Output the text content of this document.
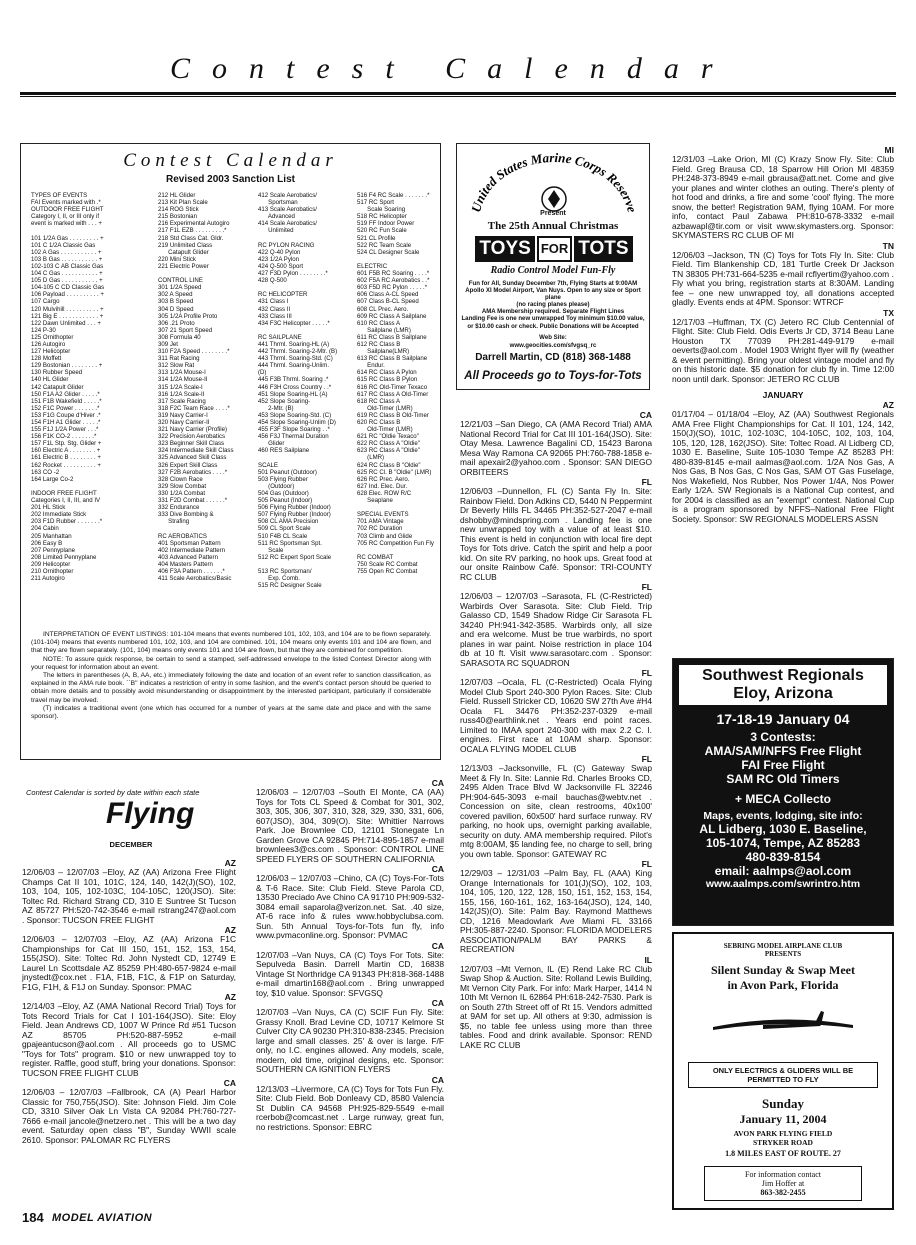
Contest Calendar
Contest Calendar
Revised 2003 Sanction List
TYPES OF EVENTS
FAI Events marked with .*
OUTDOOR FREE FLIGHT
Category I, II, or III only if
event is marked with . . . +

101 1/2A Gas . . . . . . . . . +
101 C 1/2A Classic Gas
102 A Gas . . . . . . . . . . . +
103 B Gas . . . . . . . . . . . +
102-103 C AB Classic Gas
104 C Gas . . . . . . . . . . . +
105 D Gas . . . . . . . . . . . +
104-105 C CD Classic Gas
106 Payload . . . . . . . . . . +
107 Cargo
120 Mulvihill . . . . . . . . . . +
121 Big E . . . . . . . . . . . . +
122 Dawn Unlimited . . . +
124 P-30
125 Ornithopter
126 Autogiro
127 Helicopter
128 Moffett
129 Bostonian . . . . . . . . +
130 Rubber Speed
140 HL Glider
142 Catapult Glider
150 F1A A2 Glider . . . . .*
151 F1B Wakefield . . . . .*
152 F1C Power . . . . . . .*
153 F1G Coupe d'Hiver .*
154 F1H A1 Glider . . . . .*
155 F1J 1/2A Power . . .*
156 F1K CO-2 . . . . . . .*
157 F1L Stp. Stg. Glider +
160 Electric A . . . . . . . . +
161 Electric B . . . . . . . . +
162 Rocket . . . . . . . . . . +
163 CO -2
164 Large Co-2

INDOOR FREE FLIGHT
Categories I, II, III, and IV
201 HL Stick
202 Immediate Stick
203 F1D Rubber . . . . . . .*
204 Cabin
205 Manhattan
206 Easy B
207 Pennyplane
208 Limited Pennyplane
209 Helicopter
210 Ornithopter
211 Autogiro
212 HL Glider
213 Kit Plan Scale
214 ROG Stick
215 Bostonian
216 Experimental Autogiro
217 F1L EZB . . . . . . . . .*
218 Std Class Cat. Gldr.
219 Unlimited Class
Catapult Glider
220 Mini Stick
221 Electric Power

CONTROL LINE
301 1/2A Speed
302 A Speed
303 B Speed
304 D Speed
305 1/2A Profile Proto
306 .21 Proto
307 21 Sport Speed
308 Formula 40
309 Jet
310 F2A Speed . . . . . . . .*
311 Rat Racing
312 Slow Rat
313 1/2A Mouse-I
314 1/2A Mouse-II
315 1/2A Scale-I
316 1/2A Scale-II
317 Scale Racing
318 F2C Team Race . . . .*
319 Navy Carrier-I
320 Navy Carrier-II
321 Navy Carrier (Profile)
322 Precision Aerobatics
323 Beginner Skill Class
324 Intermediate Skill Class
325 Advanced Skill Class
326 Expert Skill Class
327 F2B Aerobatics . . . .*
328 Clown Race
329 Slow Combat
330 1/2A Combat
331 F2D Combat . . . . . .*
332 Endurance
333 Dive Bombing &
Strafing

RC AEROBATICS
401 Sportsman Pattern
402 Intermediate Pattern
403 Advanced Pattern
404 Masters Pattern
406 F3A Pattern . . . . . .*
411 Scale Aerobatics/Basic
412 Scale Aerobatics/
Sportsman
413 Scale Aerobatics/
Advanced
414 Scale Aerobatics/
Unlimited

RC PYLON RACING
422 Q-40 Pylon
423 1/2A Pylon
424 Q-500 Sport
427 F3D Pylon . . . . . . . .*
428 Q-500

RC HELICOPTER
431 Class I
432 Class II
433 Class III
434 F3C Helicopter . . . . .*

RC SAILPLANE
441 Thrml. Soaring-HL (A)
442 Thrml. Soaring-2-Mtr. (B)
443 Thrml. Soaring-Std. (C)
444 Thrml. Soaring-Unlim.
(D)
445 F3B Thrml. Soaring .*
446 F3H Cross Country . .*
451 Slope Soaring-HL (A)
452 Slope Soaring-
2-Mtr. (B)
453 Slope Soaring-Std. (C)
454 Slope Soaring-Unlim (D)
455 F3F Slope Soaring . .*
456 F3J Thermal Duration
Glider
460 RES Sailplane

SCALE
501 Peanut (Outdoor)
503 Flying Rubber
(Outdoor)
504 Gas (Outdoor)
505 Peanut (Indoor)
506 Flying Rubber (Indoor)
507 Flying Rubber (Indoor)
508 CL AMA Precision
509 CL Sport Scale
510 F4B CL Scale
511 RC Sportsman Spt.
Scale
512 RC Expert Sport Scale

513 RC Sportsman/
Exp. Comb.
515 RC Designer Scale
516 F4 RC Scale . . . . . . .*
517 RC Sport
Scale Soaring
518 RC Helicopter
519 FF Indoor Power
520 RC Fun Scale
521 CL Profile
522 RC Team Scale
524 CL Designer Scale

ELECTRIC
601 F5B RC Soaring . . . .*
602 F5A RC Aerobatics . .*
603 F5D RC Pylon . . . . .*
606 Class A-CL Speed
607 Class B-CL Speed
608 CL Prec. Aero.
609 RC Class A Sailplane
610 RC Class A
Sailplane (LMR)
611 RC Class B Sailplane
612 RC Class B
Sailplane(LMR)
613 RC Class B Sailplane
Endur.
614 RC Class A Pylon
615 RC Class B Pylon
616 RC Old-Timer Texaco
617 RC Class A Old-Timer
618 RC Class A
Old-Timer (LMR)
619 RC Class B Old-Timer
620 RC Class B
Old-Timer (LMR)
621 RC "Oldie Texaco"
622 RC Class A "Oldie"
623 RC Class A "Oldie"
(LMR)
624 RC Class B "Oldie"
625 RC Cl. B "Oldie" (LMR)
626 RC Prec. Aero.
627 Ind. Elec. Dur.
628 Elec. ROW R/C
Seaplane

SPECIAL EVENTS
701 AMA Vintage
702 RC Duration
703 Climb and Glide
705 RC Competition Fun Fly

RC COMBAT
750 Scale RC Combat
755 Open RC Combat

INTERPRETATION OF EVENT LISTINGS: 101-104 means that events numbered 101, 102, 103, and 104 are to be flown separately. (101-104) means that events numbered 101, 102, 103, and 104 are combined. 101, 104 means only events 101 and 104 are flown, and that they are flown separately. (101, 104) means only events 101 and 104 are flown, but that they are combined for competition.

NOTE: To assure quick response, be certain to send a stamped, self-addressed envelope to the listed Contest Director along with your request for information about an event.

The letters in parentheses (A, B, AA, etc.) immediately following the date and location of an event refer to sanction classification, as explained in the AMA rule book. ``B'' indicates a restriction of entry in some fashion, and the event's contact person should be queried to obtain more details and to possibly avoid misunderstanding or disappointment by the interested participant, particularly if considerable travel may be involved.

(T) indicates a traditional event (one which has occurred for a number of years at the same date and place and with the same sponsor).

Contest Calendar is sorted by date within each state
Flying
DECEMBER
AZ
12/06/03 – 12/07/03 –Eloy, AZ (AA) Arizona Free Flight Champs Cat II 101, 101C, 124, 140, 142(J)(SO), 102, 103, 104, 105, 102-103C, 104-105C, 120(JSO). Site: Toltec Rd. Richard Strang CD, 310 E Suntree St Tucson AZ 85727 PH:520-742-3546 e-mail rstrang247@aol.com . Sponsor: TUCSON FREE FLIGHT
AZ
12/06/03 – 12/07/03 –Eloy, AZ (AA) Arizona F1C Championships for Cat III 150, 151, 152, 153, 154, 155(JSO). Site: Toltec Rd. John Nystedt CD, 12749 E Laurel Ln Scottsdale AZ 85259 PH:480-657-9824 e-mail jnystedt@cox.net . F1A, F1B, F1C, & F1P on Saturday, F1G, F1H, & F1J on Sunday. Sponsor: PMAC
AZ
12/14/03 –Eloy, AZ (AMA National Record Trial) Toys for Tots Record Trials for Cat I 101-164(JSO). Site: Eloy Field. Jean Andrews CD, 1007 W Prince Rd #51 Tucson AZ 85705 PH:520-887-5952 e-mail gpajeantucson@aol.com . All proceeds go to USMC "Toys for Tots" program. $10 or new unwrapped toy to register. Raffle, good stuff, bring your donations. Sponsor: TUCSON FREE FLIGHT CLUB
CA
12/06/03 – 12/07/03 –Fallbrook, CA (A) Pearl Harbor Classic for 750,755(JSO). Site: Johnson Field. Jim Cole CD, 3310 Silver Oak Ln Vista CA 92084 PH:760-727-7666 e-mail jancole@netzero.net . This will be a two day event. Saturday open class "B", Sunday WWII scale 2610. Sponsor: PALOMAR RC FLYERS
CA
12/06/03 – 12/07/03 –South El Monte, CA (AA) Toys for Tots CL Speed & Combat for 301, 302, 303, 305, 306, 307, 310, 328, 329, 330, 331, 606, 607(JSO), 304, 309(O). Site: Whittier Narrows Park. Joe Brownlee CD, 12101 Stonegate Ln Garden Grove CA 92845 PH:714-895-1857 e-mail brownlees3@cs.com . Sponsor: CONTROL LINE SPEED FLYERS OF SOUTHERN CALIFORNIA
CA
12/06/03 – 12/07/03 –Chino, CA (C) Toys-For-Tots & T-6 Race. Site: Club Field. Steve Parola CD, 13530 Preciado Ave Chino CA 91710 PH:909-532-3084 email saparola@verizon.net. Sat. .40 size, AT-6 race info & rules www.hobbyclubsa.com. Sun. 5th Annual Toys-for-Tots fun fly, info www.pvmaconline.org. Sponsor: PVMAC
CA
12/07/03 –Van Nuys, CA (C) Toys For Tots. Site: Sepulveda Basin. Darrell Martin CD, 16838 Vintage St Northridge CA 91343 PH:818-368-1488 e-mail dmartin168@aol.com . Bring unwrapped toy, $10 value. Sponsor: SFVGSQ
CA
12/07/03 –Van Nuys, CA (C) SCIF Fun Fly. Site: Grassy Knoll. Brad Levine CD, 10717 Kelmore St Culver City CA 90230 PH:310-838-2345. Precision large and small classes. 25' & over is large. F/F only, no I.C. engines allowed. Any models, scale, modern, old time, original designs, etc. Sponsor: SOUTHERN CA IGNITION FLYERS
CA
12/13/03 –Livermore, CA (C) Toys for Tots Fun Fly. Site: Club Field. Bob Donleavy CD, 8580 Valencia St Dublin CA 94568 PH:925-829-5549 e-mail rcerbob@comcast.net . Large runway, great fun, no restrictions. Sponsor: EBRC
CA
12/21/03 –San Diego, CA (AMA Record Trial) AMA National Record Trial for Cat III 101-164(JSO). Site: Otay Mesa. Lawrence Bagalini CD, 15423 Barona Mesa Way Ramona CA 92065 PH:760-788-1858 e-mail apexair2@yahoo.com . Sponsor: SAN DIEGO ORBITEERS
FL
12/06/03 –Dunnellon, FL (C) Santa Fly In. Site: Rainbow Field. Don Adkins CD, 5440 N Peppermint Dr Beverly Hills FL 34465 PH:352-527-2047 e-mail dshobby@mindspring.com . Landing fee is one new unwrapped toy with a value of at least $10. This event is held in conjunction with local fire dept Toys for Tots drive. Catch the spirit and help a poor kid. On site RV parking, no hook ups. Great food at our onsite Rainbow Café. Sponsor: TRI-COUNTY RC CLUB
FL
12/06/03 – 12/07/03 –Sarasota, FL (C-Restricted) Warbirds Over Sarasota. Site: Club Field. Trip Galasso CD, 1549 Shadow Ridge Cir Sarasota FL 34240 PH:941-342-3585. Warbirds only, all size and era welcome. Must be true warbirds, no sport planes in war paint. Noise restriction in place 104 db at 10 ft. Visit www.sarasotarc.com . Sponsor: SARASOTA RC SQUADRON
FL
12/07/03 –Ocala, FL (C-Restricted) Ocala Flying Model Club Sport 240-300 Pylon Races. Site: Club Field. Russell Stricker CD, 10620 SW 27th Ave #H4 Ocala FL 34476 PH:352-237-0329 e-mail russ40@earthlink.net . Years end point races. Limited to IMAA sport 240-300 with max 2.2 C. I. engines. First race at 10AM sharp. Sponsor: OCALA FLYING MODEL CLUB
FL
12/13/03 –Jacksonville, FL (C) Gateway Swap Meet & Fly In. Site: Lannie Rd. Charles Brooks CD, 2495 Alden Trace Blvd W Jacksonville FL 32246 PH:904-645-3093 e-mail bauchas@webtv.net . Concession on site, clean restrooms, 40x100' covered pavilion, 60x500' hard surface runway. RV parking, no hook ups, overnight parking available, security on duty. AMA membership required. Pilot's mtg 8:00AM, $5 landing fee, no charge to sell, bring you own table. Sponsor: GATEWAY RC
FL
12/29/03 – 12/31/03 –Palm Bay, FL (AAA) King Orange Internationals for 101(J)(SO), 102, 103, 104, 105, 120, 122, 128, 150, 151, 152, 153, 154, 155, 156, 160-161, 162, 163-164(JSO), 124, 140, 142(JS)(O). Site: Palm Bay. Raymond Matthews CD, 1216 Meadowlark Ave Miami FL 33166 PH:305-887-2240. Sponsor: FLORIDA MODELERS ASSOCIATION/PALM BAY PARKS & RECREATION
IL
12/07/03 –Mt Vernon, IL (E) Rend Lake RC Club Swap Shop & Auction. Site: Rolland Lewis Building, Mt Vernon City Park. For info: Mark Harper, 1414 N 10th Mt Vernon IL 62864 PH:618-242-7530. Park is on South 27th Street off of Rt 15. Vendors admitted at 9AM for set up. All others at 9:30, admission is $5, no table fee unless using more than three tables. Food and drink available. Sponsor: REND LAKE RC CLUB
MI
12/31/03 –Lake Orion, MI (C) Krazy Snow Fly. Site: Club Field. Greg Brausa CD, 18 Sparrow Hill Orion MI 48359 PH:248-373-8949 e-mail gbrausa@att.net. Come and give your planes and winter clothes an outing. There's plenty of hot food and drinks, a fire and some 'cool' flying. The more snow, the better! Registration 9AM, flying 10AM. For more info, contact Paul Zabawa PH:810-678-3332 e-mail azbawapl@tir.com or visit www.skymasters.org. Sponsor: SKYMASTERS RC CLUB OF MI
TN
12/06/03 –Jackson, TN (C) Toys for Tots Fly In. Site: Club Field. Tim Blankenship CD, 181 Turtle Creek Dr Jackson TN 38305 PH:731-664-5235 e-mail rcflyertim@yahoo.com . Fly what you bring, registration starts at 8:30AM. Landing fee – one new unwrapped toy, all donations accepted gladly. Events ends at 4PM. Sponsor: WTRCF
TX
12/17/03 –Huffman, TX (C) Jetero RC Club Centennial of Flight. Site: Club Field. Odis Everts Jr CD, 3714 Beau Lane Houston TX 77039 PH:281-449-9179 e-mail oeverts@aol.com . Model 1903 Wright flyer will fly (weather & event permitting). Bring your oldest vintage model and fly on this historic date. $5 donation for club fly in. Time 12:00 noon until dark. Sponsor: JETERO RC CLUB
JANUARY
AZ
01/17/04 – 01/18/04 –Eloy, AZ (AA) Southwest Regionals AMA Free Flight Championships for Cat. II 101, 124, 142, 150(J)(SO), 101C, 102-103C, 104-105C, 102, 103, 104, 105, 120, 128, 162(JSO). Site: Toltec Road. Al Lidberg CD, 1030 E. Baseline, Suite 105-1030 Tempe AZ 85283 PH: 480-839-8145 e-mail aalmas@aol.com. 1/2A Nos Gas, A Nos Gas, B Nos Gas, C Nos Gas, SAM OT Gas Fuselage, Nos Wakefield, Nos Rubber, Nos Power 1/4A, Nos Power Early 1/2A. SW Regionals is a National Cup contest, and for 2004 is classified as an "exempt" contest. National Cup is a program sponsored by NFFS–National Free Flight Society. Sponsor: SW REGIONALS MODELERS ASSN
United States Marine Corps Reserve
Present
The 25th Annual Christmas
TOYS FOR TOTS
Radio Control Model Fun-Fly
Fun for All, Sunday December 7th, Flying Starts at 9:00AM
Apollo XI Model Airport, Van Nuys. Open to any size or Sport plane
(no racing planes please)
AMA Membership required. Separate Flight Lines
Landing Fee is one new unwrapped Toy minimum $10.00 value,
or $10.00 cash or check. Public Donations will be Accepted
Web Site:
www.geocities.com/sfvgsq_rc
Darrell Martin, CD (818) 368-1488
All Proceeds go to Toys-for-Tots
Southwest Regionals
Eloy, Arizona
17-18-19 January 04
3 Contests:
AMA/SAM/NFFS Free Flight
FAI Free Flight
SAM RC Old Timers
+ MECA Collecto
Maps, events, lodging, site info:
AL Lidberg, 1030 E. Baseline,
105-1074, Tempe, AZ 85283
480-839-8154
email: aalmps@aol.com
www.aalmps.com/swrintro.htm
SEBRING MODEL AIRPLANE CLUB
PRESENTS
Silent Sunday & Swap Meet
in Avon Park, Florida
ONLY ELECTRICS & GLIDERS WILL BE PERMITTED TO FLY
Sunday
January 11, 2004
AVON PARK FLYING FIELD
STRYKER ROAD
1.8 MILES EAST OF ROUTE. 27
For information contact
Jim Hoffer at
863-382-2455
184 MODEL AVIATION
